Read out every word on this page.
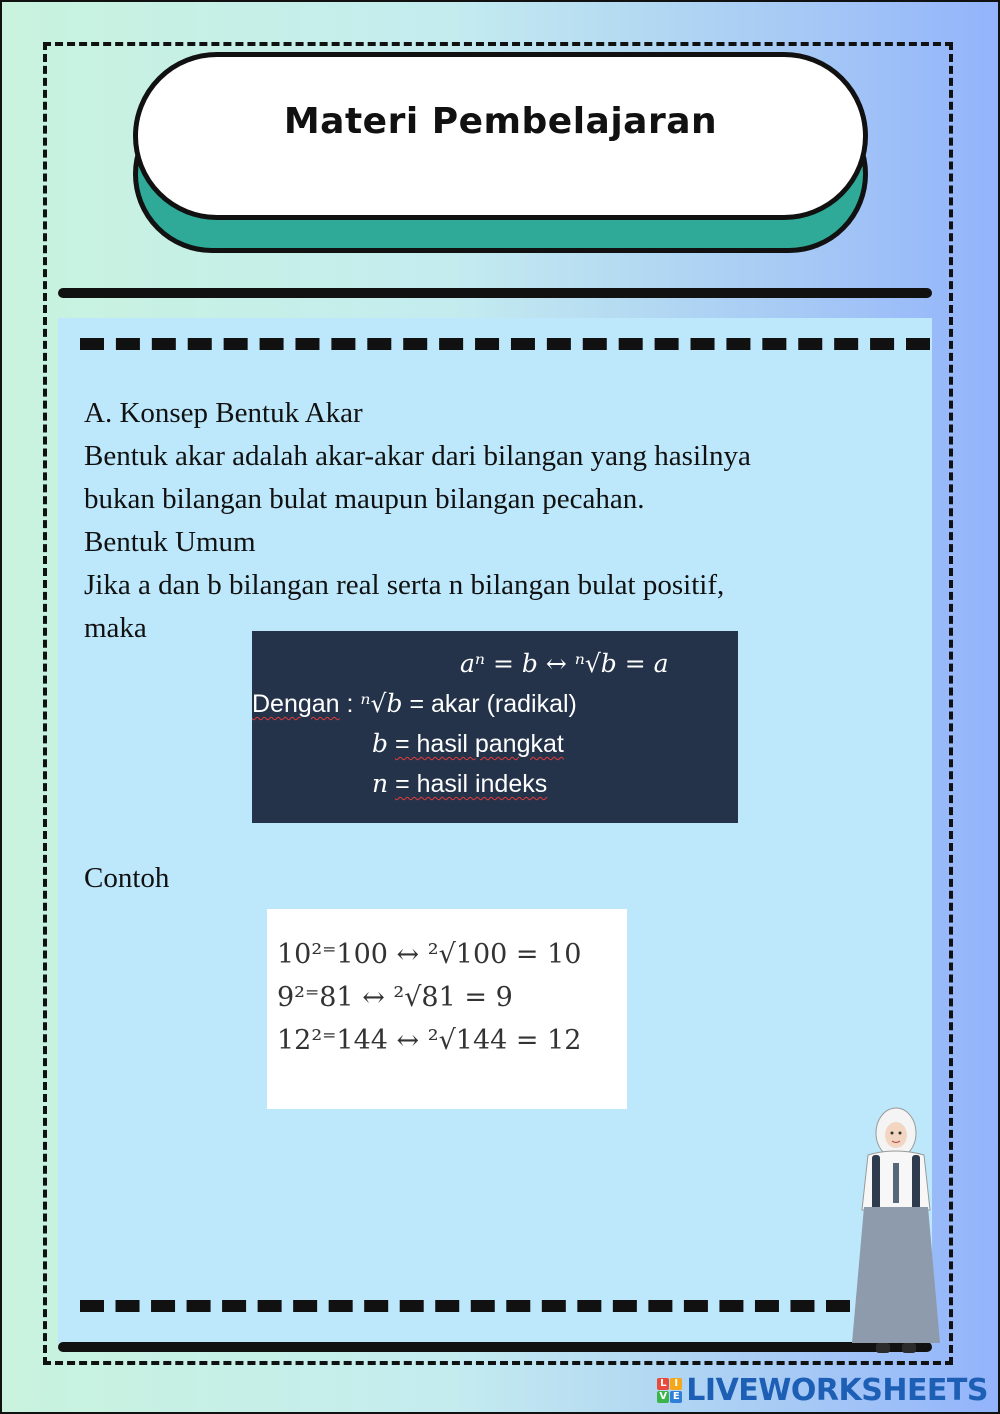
Materi Pembelajaran

A. Konsep Bentuk Akar

Bentuk akar adalah akar-akar dari bilangan yang hasilnya

bukan bilangan bulat maupun bilangan pecahan.

Bentuk Umum

Jika a dan b bilangan real serta n bilangan bulat positif,

maka

aⁿ = b ↔ ⁿ√b = a
Dengan : ⁿ√b = akar (radikal)
b = hasil pangkat
n = hasil indeks
Contoh
10²⁼100 ↔ ²√100 = 10
9²⁼81 ↔ ²√81 = 9
12²⁼144 ↔ ²√144 = 12
L I
V E LIVEWORKSHEETS
